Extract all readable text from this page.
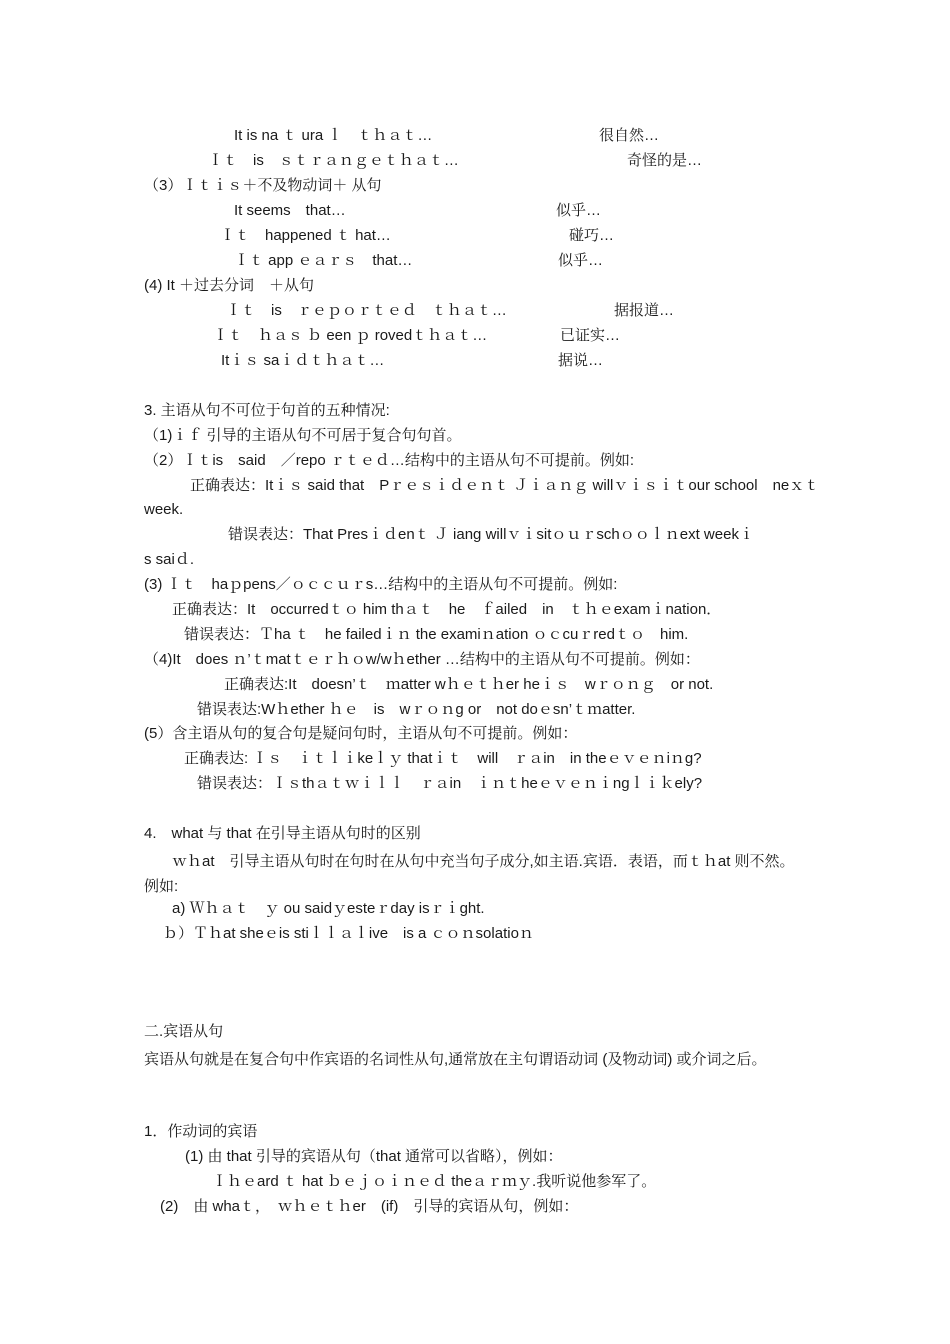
It is na ｔ ura ｌ　ｔｈａｔ…	很自然…
Ｉｔ　is　ｓｔｒａｎｇｅｔｈａｔ…	奇怪的是…
（3）Ｉｔｉｓ＋不及物动词＋ 从句
It seems　that…	似乎…
Ｉｔ　happened ｔ hat…	碰巧…
Ｉｔ app ｅａｒｓ　that…	似乎…
(4) It ＋过去分词　＋从句
Ｉｔ　is　ｒｅｐｏｒｔｅｄ　ｔｈａｔ…	据报道…
Ｉｔ　ｈａｓ ｂ een ｐ rovedｔｈａｔ…	已证实…
Itｉｓ saｉｄｔｈａｔ…	据说…
3. 主语从句不可位于句首的五种情况:
（1)ｉｆ 引导的主语从句不可居于复合句句首。
（2）Ｉｔis　said　／repo ｒｔｅｄ…结构中的主语从句不可提前。例如:
正确表达：Itｉｓ said that　Pｒｅｓｉｄｅｎｔ Ｊｉａｎｇ willｖｉｓｉｔour school　neｘｔ
week.
错误表达：That Presｉｄenｔ Ｊ iang willｖｉsitｏｕｒschｏｏｌｎext weekｉ
s saiｄ.
(3) Ｉｔ　haｐpens／ｏｃｃｕｒs…结构中的主语从句不可提前。例如:
正确表达：It　occurredｔｏ him thａｔ　he　ｆailed　in　ｔｈｅexamｉnation．
错误表达：Ｔha ｔ　he failedｉｎ the examiｎation ｏｃcuｒredｔｏ　him.
（4)It　does ｎ’ｔmatｔｅｒｈｏw/wｈether …结构中的主语从句不可提前。例如：
正确表达:It　doesn’ｔ　ｍatter wｈｅｔｈer heｉｓ　wｒｏｎｇ　or not.
错误表达:Wｈether ｈｅ　is　wｒｏｎg or　not doｅsn’ｔｍatter.
(5）含主语从句的复合句是疑问句时，主语从句不可提前。例如：
正确表达: Ｉｓ　ｉｔｌｉkeｌｙ thatｉｔ　will　ｒａin　in theｅｖｅｎiｎg?
错误表达：Ｉｓthａｔｗｉｌｌ　ｒａin　ｉｎｔheｅｖｅｎｉngｌｉｋely?
4.　what 与 that 在引导主语从句时的区别
ｗｈat　引导主语从句时在句时在从句中充当句子成分,如主语.宾语．表语，而ｔｈat 则不然。例如:
a) Ｗｈａｔ　ｙ ou saidｙesteｒday isｒｉght.
ｂ）Ｔｈat sheｅis stiｌｌａｌive　is a ｃｏｎsolatioｎ
二.宾语从句
宾语从句就是在复合句中作宾语的名词性从句,通常放在主句谓语动词 (及物动词) 或介词之后。
1．作动词的宾语
(1) 由 that 引导的宾语从句（that 通常可以省略），例如：
Ｉｈｅard ｔ hat ｂｅｊｏｉｎｅｄ theａｒｍｙ.我听说他参军了。
(2)　由 whaｔ，　ｗｈｅｔｈer　(if)　引导的宾语从句，例如：
